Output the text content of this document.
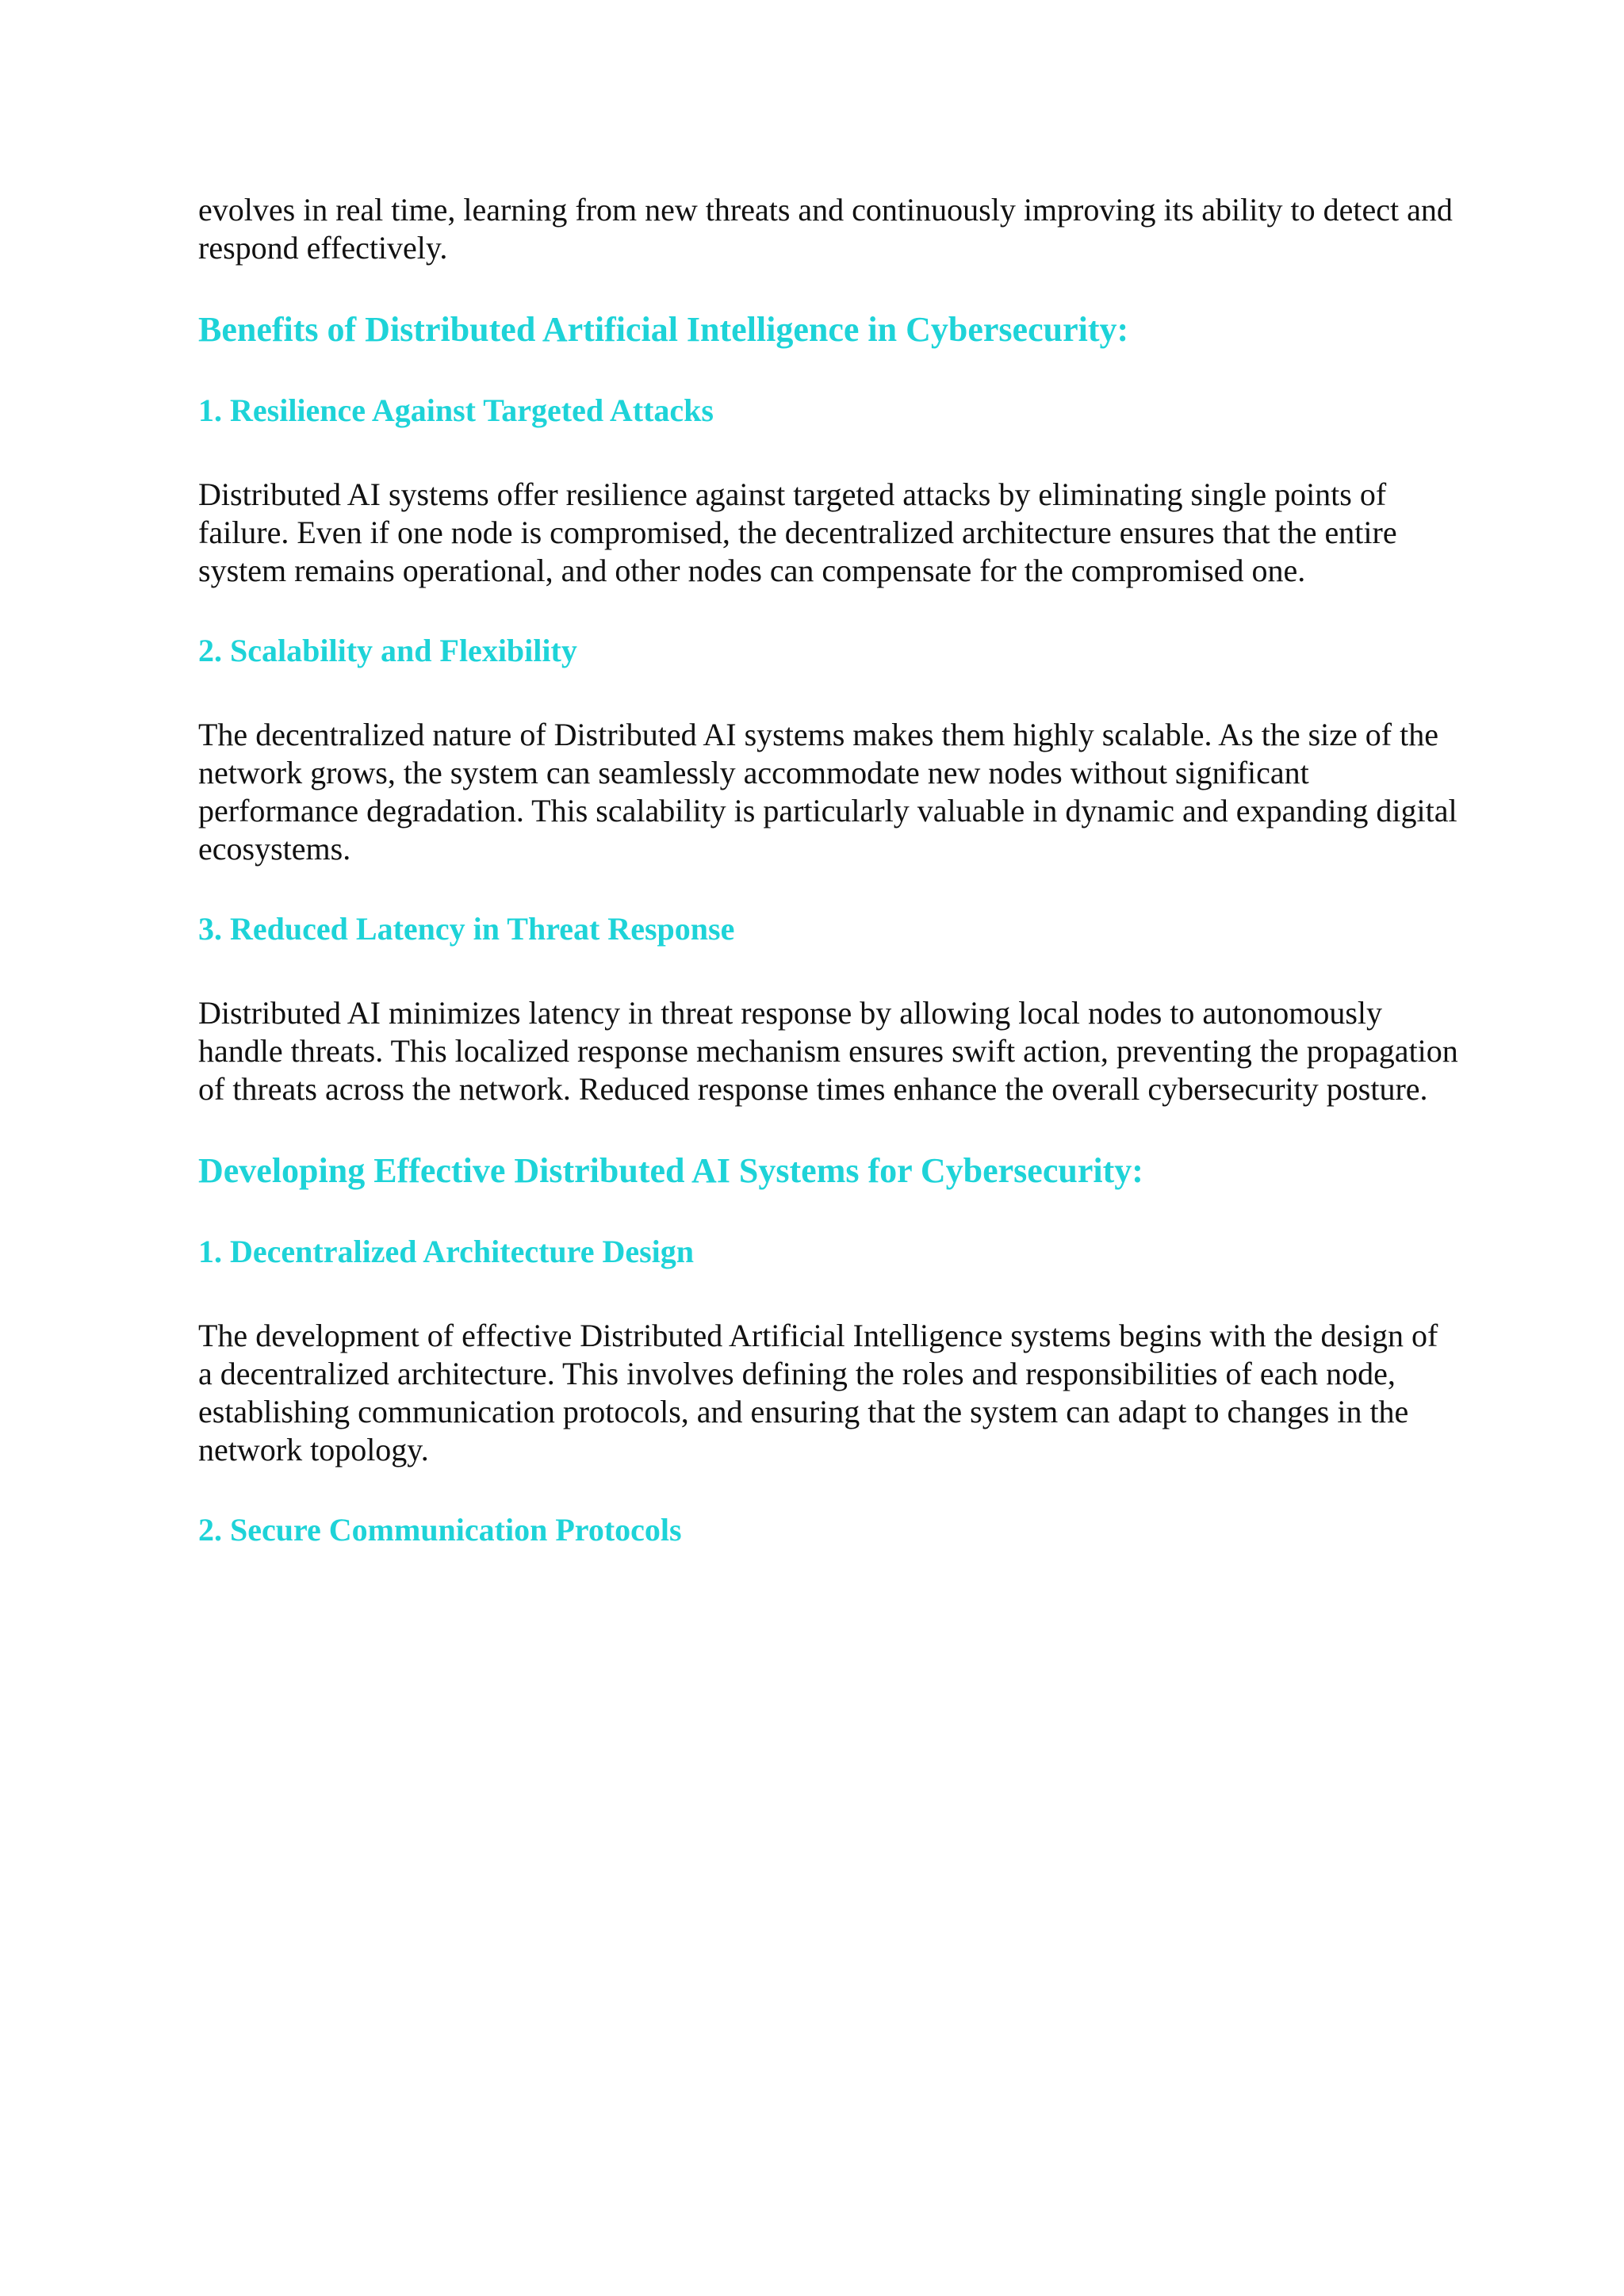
evolves in real time, learning from new threats and continuously improving its ability to detect and respond effectively.

Benefits of Distributed Artificial Intelligence in Cybersecurity:
1. Resilience Against Targeted Attacks

Distributed AI systems offer resilience against targeted attacks by eliminating single points of failure. Even if one node is compromised, the decentralized architecture ensures that the entire system remains operational, and other nodes can compensate for the compromised one.

2. Scalability and Flexibility

The decentralized nature of Distributed AI systems makes them highly scalable. As the size of the network grows, the system can seamlessly accommodate new nodes without significant performance degradation. This scalability is particularly valuable in dynamic and expanding digital ecosystems.

3. Reduced Latency in Threat Response

Distributed AI minimizes latency in threat response by allowing local nodes to autonomously handle threats. This localized response mechanism ensures swift action, preventing the propagation of threats across the network. Reduced response times enhance the overall cybersecurity posture.

Developing Effective Distributed AI Systems for Cybersecurity:
1. Decentralized Architecture Design

The development of effective Distributed Artificial Intelligence systems begins with the design of a decentralized architecture. This involves defining the roles and responsibilities of each node, establishing communication protocols, and ensuring that the system can adapt to changes in the network topology.

2. Secure Communication Protocols
